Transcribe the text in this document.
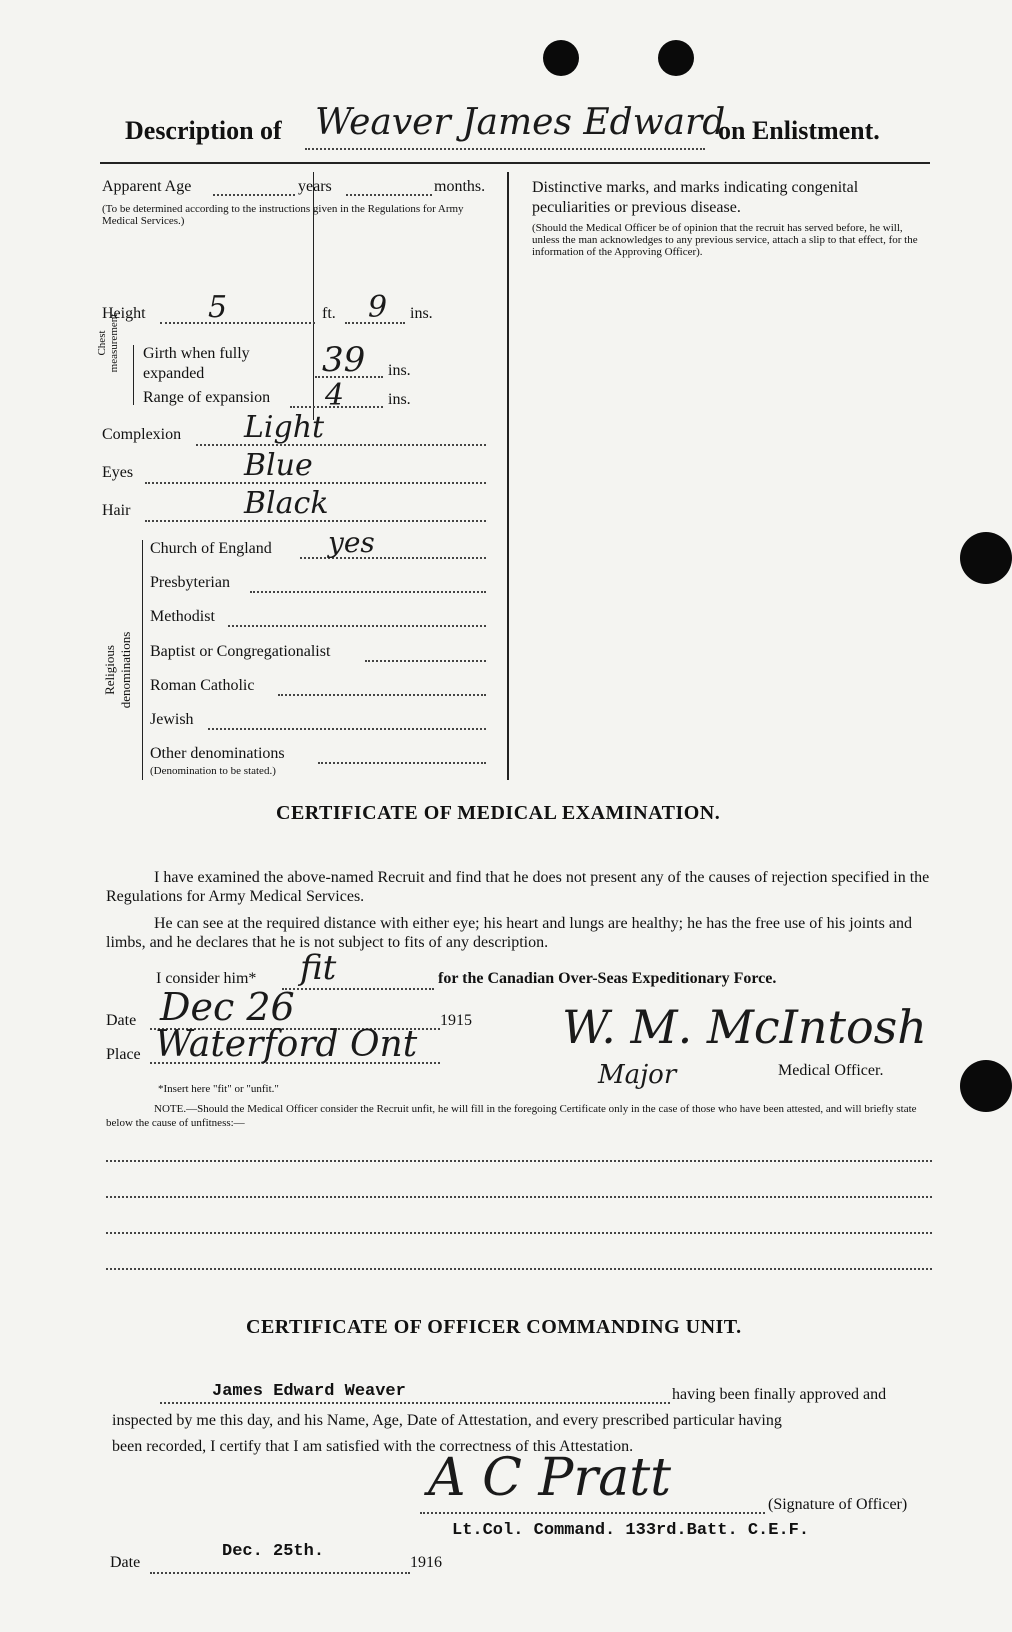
Description of Weaver James Edward
on Enlistment.
Apparent Age	years	months.
(To be determined according to the instructions given in the Regulations for Army Medical Services.)
Height 5	ft. 9 ins.
Chest measurement Girth when fully expanded	39 ins.
Range of expansion 4	ins.
Complexion Light
Eyes	Blue
Hair	Black
Religious denominations
Church of England yes
Presbyterian
Methodist
Baptist or Congregationalist
Roman Catholic
Jewish
Other denominations
(Denomination to be stated.)
Distinctive marks, and marks indicating congenital peculiarities or previous disease.
(Should the Medical Officer be of opinion that the recruit has served before, he will, unless the man acknowledges to any previous service, attach a slip to that effect, for the information of the Approving Officer).
CERTIFICATE OF MEDICAL EXAMINATION.
I have examined the above-named Recruit and find that he does not present any of the causes of rejection specified in the Regulations for Army Medical Services.
He can see at the required distance with either eye; his heart and lungs are healthy; he has the free use of his joints and limbs, and he declares that he is not subject to fits of any description.
I consider him* fit	for the Canadian Over-Seas Expeditionary Force.
Date Dec 26	1915
Place Waterford Ont	W. M. McIntosh
Major	Medical Officer.
*Insert here "fit" or "unfit."
NOTE.—Should the Medical Officer consider the Recruit unfit, he will fill in the foregoing Certificate only in the case of those who have been attested, and will briefly state below the cause of unfitness:—
CERTIFICATE OF OFFICER COMMANDING UNIT.
James Edward Weaver	having been finally approved and
inspected by me this day, and his Name, Age, Date of Attestation, and every prescribed particular having
been recorded, I certify that I am satisfied with the correctness of this Attestation.
A C Pratt	(Signature of Officer)
Lt.Col. Command. 133rd.Batt. C.E.F.
Date
Dec. 25th.
1916
